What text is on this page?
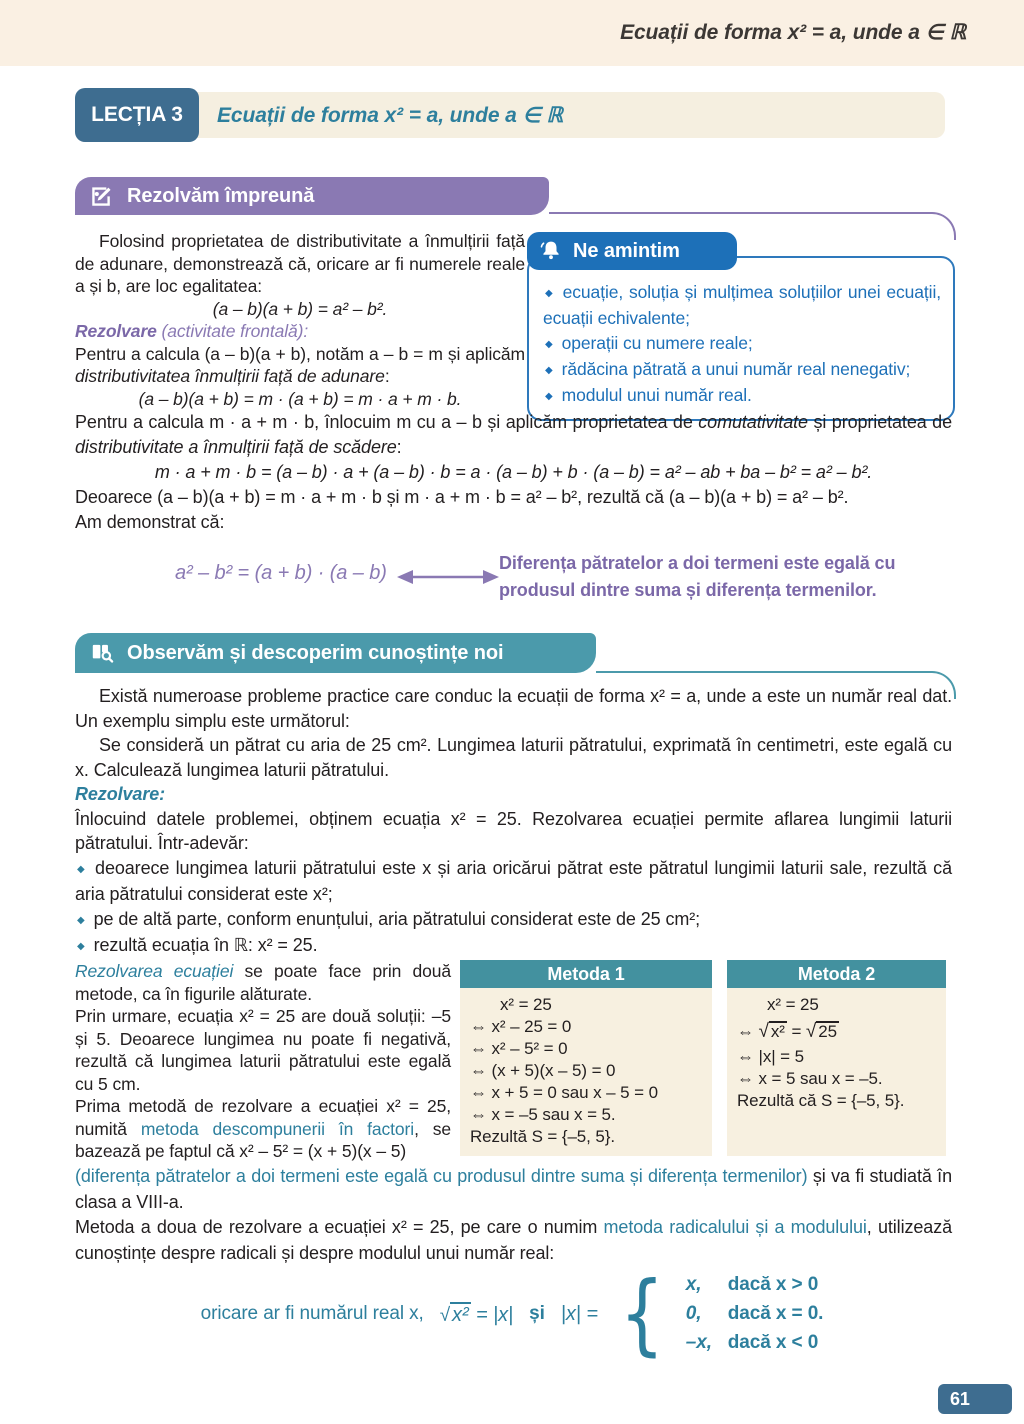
Ecuații de forma x² = a, unde a ∈ ℝ
LECȚIA 3	Ecuații de forma x² = a, unde a ∈ ℝ
Rezolvăm împreună

Folosind proprietatea de distributivitate a înmulțirii față de adunare, demonstrează că, oricare ar fi numerele reale a și b, are loc egalitatea:

(a – b)(a + b) = a² – b².

Rezolvare (activitate frontală):

Pentru a calcula (a – b)(a + b), notăm a – b = m și aplicăm distributivitatea înmulțirii față de adunare:

(a – b)(a + b) = m · (a + b) = m · a + m · b.

Ne amintim
◆ ecuație, soluția și mulțimea soluțiilor unei ecuații, ecuații echivalente;
◆ operații cu numere reale;
◆ rădăcina pătrată a unui număr real nenegativ;
◆ modulul unui număr real.

Pentru a calcula m · a + m · b, înlocuim m cu a – b și aplicăm proprietatea de comutativitate și proprietatea de distributivitate a înmulțirii față de scădere:

m · a + m · b = (a – b) · a + (a – b) · b = a · (a – b) + b · (a – b) = a² – ab + ba – b² = a² – b².

Deoarece (a – b)(a + b) = m · a + m · b și m · a + m · b = a² – b², rezultă că (a – b)(a + b) = a² – b².

Am demonstrat că:

a² – b² = (a + b) · (a – b)	Diferența pătratelor a doi termeni este egală cu produsul dintre suma și diferența termenilor.
Observăm și descoperim cunoștințe noi

Există numeroase probleme practice care conduc la ecuații de forma x² = a, unde a este un număr real dat. Un exemplu simplu este următorul:

Se consideră un pătrat cu aria de 25 cm². Lungimea laturii pătratului, exprimată în centimetri, este egală cu x. Calculează lungimea laturii pătratului.

Rezolvare:

Înlocuind datele problemei, obținem ecuația x² = 25. Rezolvarea ecuației permite aflarea lungimii laturii pătratului. Într-adevăr:

◆ deoarece lungimea laturii pătratului este x și aria oricărui pătrat este pătratul lungimii laturii sale, rezultă că aria pătratului considerat este x²;

◆ pe de altă parte, conform enunțului, aria pătratului considerat este de 25 cm²;

◆ rezultă ecuația în ℝ: x² = 25.

Rezolvarea ecuației se poate face prin două metode, ca în figurile alăturate.

Prin urmare, ecuația x² = 25 are două soluții: –5 și 5. Deoarece lungimea nu poate fi negativă, rezultă că lungimea laturii pătratului este egală cu 5 cm.

Prima metodă de rezolvare a ecuației x² = 25, numită metoda descompunerii în factori, se bazează pe faptul că x² – 5² = (x + 5)(x – 5)

Metoda 1
x² = 25
⇔ x² – 25 = 0
⇔ x² – 5² = 0
⇔ (x + 5)(x – 5) = 0
⇔ x + 5 = 0 sau x – 5 = 0
⇔ x = –5 sau x = 5.
Rezultă S = {–5, 5}.
Metoda 2
x² = 25
⇔ √ x² = √ 25
⇔ |x| = 5
⇔ x = 5 sau x = –5.
Rezultă că S = {–5, 5}.

(diferența pătratelor a doi termeni este egală cu produsul dintre suma și diferența termenilor) și va fi studiată în clasa a VIII-a.

Metoda a doua de rezolvare a ecuației x² = 25, pe care o numim metoda radicalului și a modulului, utilizează cunoștințe despre radicali și despre modulul unui număr real:

oricare ar fi numărul real x, √ x² = |x| și |x| = { x,	dacă x > 0
0,	dacă x = 0.
–x, dacă x < 0
61
